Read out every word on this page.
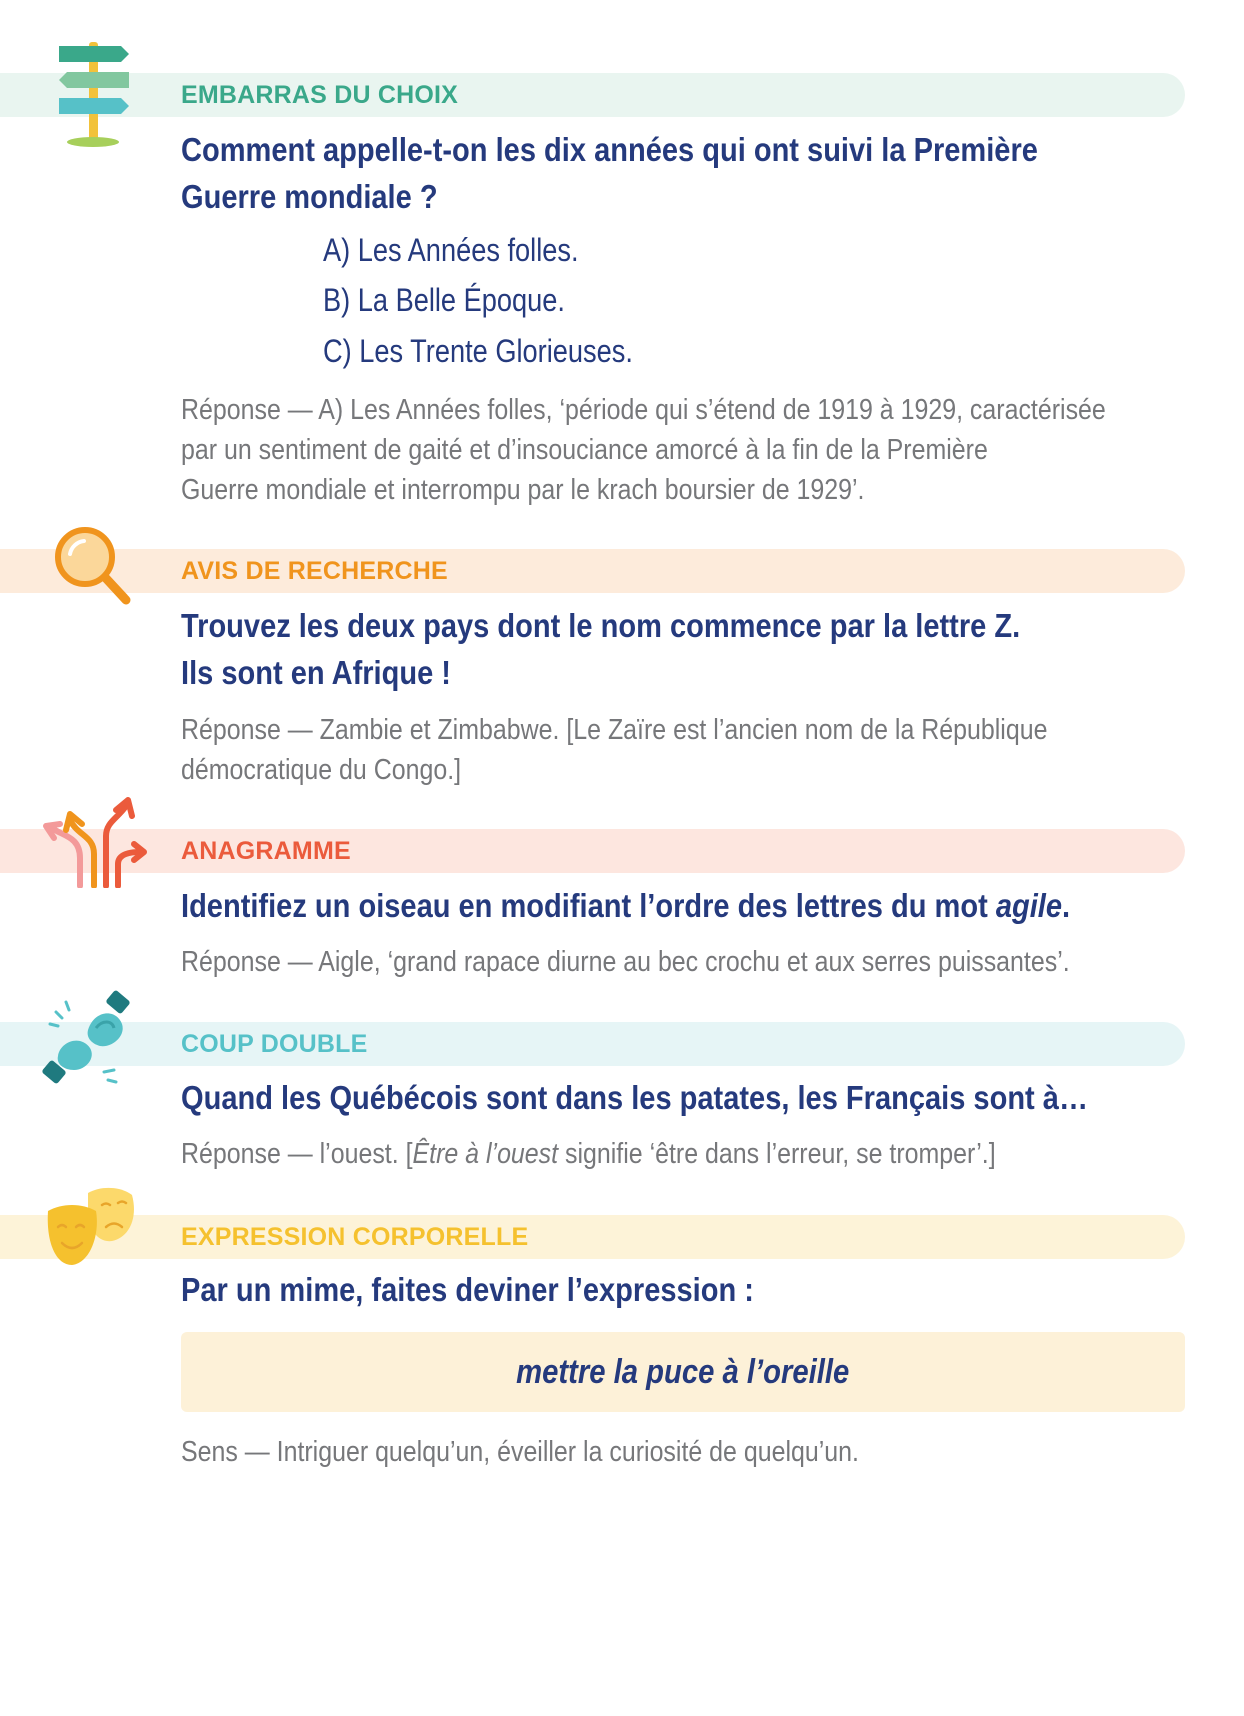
EMBARRAS DU CHOIX
Comment appelle-t-on les dix années qui ont suivi la Première
Guerre mondiale ?
A) Les Années folles.
B) La Belle Époque.
C) Les Trente Glorieuses.
Réponse — A) Les Années folles, ‘période qui s’étend de 1919 à 1929, caractérisée
par un sentiment de gaité et d’insouciance amorcé à la fin de la Première
Guerre mondiale et interrompu par le krach boursier de 1929’.
AVIS DE RECHERCHE
Trouvez les deux pays dont le nom commence par la lettre Z.
Ils sont en Afrique !
Réponse — Zambie et Zimbabwe. [Le Zaïre est l’ancien nom de la République
démocratique du Congo.]
ANAGRAMME
Identifiez un oiseau en modifiant l’ordre des lettres du mot agile.
Réponse — Aigle, ‘grand rapace diurne au bec crochu et aux serres puissantes’.
COUP DOUBLE
Quand les Québécois sont dans les patates, les Français sont à…
Réponse — l’ouest. [Être à l’ouest signifie ‘être dans l’erreur, se tromper’.]
EXPRESSION CORPORELLE
Par un mime, faites deviner l’expression :
mettre la puce à l’oreille
Sens — Intriguer quelqu’un, éveiller la curiosité de quelqu’un.
